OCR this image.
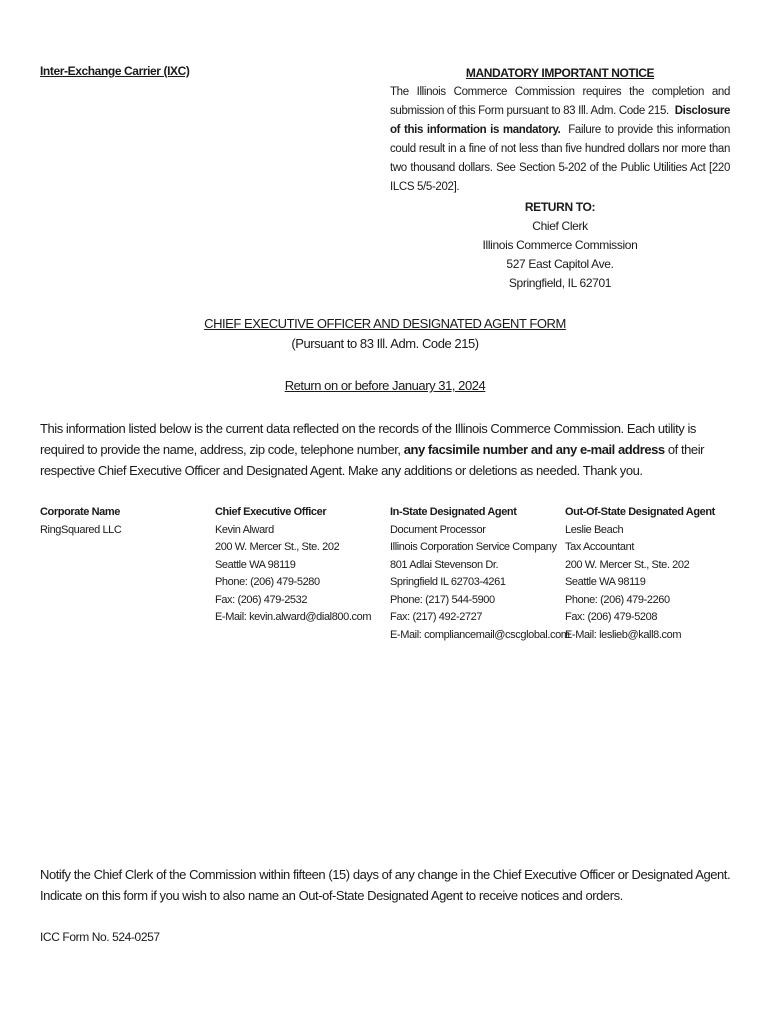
Inter-Exchange Carrier (IXC)	MANDATORY IMPORTANT NOTICE

The Illinois Commerce Commission requires the completion and submission of this Form pursuant to 83 Ill. Adm. Code 215. Disclosure of this information is mandatory. Failure to provide this information could result in a fine of not less than five hundred dollars nor more than two thousand dollars. See Section 5-202 of the Public Utilities Act [220 ILCS 5/5-202].

RETURN TO:
Chief Clerk
Illinois Commerce Commission
527 East Capitol Ave.
Springfield, IL 62701
CHIEF EXECUTIVE OFFICER AND DESIGNATED AGENT FORM
(Pursuant to 83 Ill. Adm. Code 215)
Return on or before January 31, 2024
This information listed below is the current data reflected on the records of the Illinois Commerce Commission. Each utility is required to provide the name, address, zip code, telephone number, any facsimile number and any e-mail address of their respective Chief Executive Officer and Designated Agent. Make any additions or deletions as needed. Thank you.
Corporate Name
RingSquared LLC
Chief Executive Officer
Kevin Alward
200 W. Mercer St., Ste. 202
Seattle WA 98119
Phone: (206) 479-5280
Fax: (206) 479-2532
E-Mail: kevin.alward@dial800.com
In-State Designated Agent
Document Processor
Illinois Corporation Service Company
801 Adlai Stevenson Dr.
Springfield IL 62703-4261
Phone: (217) 544-5900
Fax: (217) 492-2727
E-Mail: compliancemail@cscglobal.com
Out-Of-State Designated Agent
Leslie Beach
Tax Accountant
200 W. Mercer St., Ste. 202
Seattle WA 98119
Phone: (206) 479-2260
Fax: (206) 479-5208
E-Mail: leslieb@kall8.com
Notify the Chief Clerk of the Commission within fifteen (15) days of any change in the Chief Executive Officer or Designated Agent.
Indicate on this form if you wish to also name an Out-of-State Designated Agent to receive notices and orders.
ICC Form No. 524-0257
